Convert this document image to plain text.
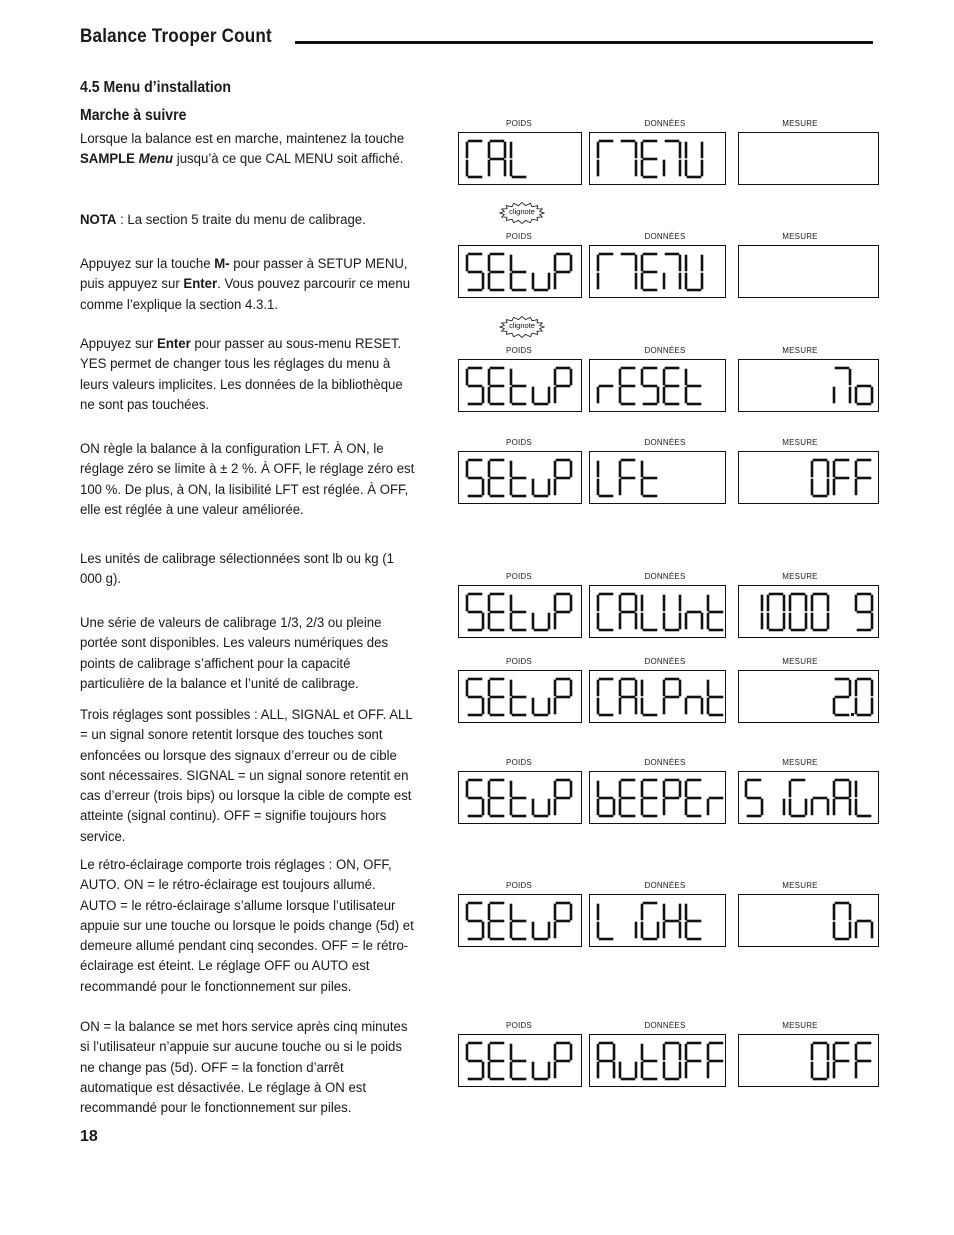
Balance Trooper Count
4.5 Menu d’installation
Marche à suivre
Lorsque la balance est en marche, maintenez la touche SAMPLE Menu jusqu’à ce que CAL MENU soit affiché.
NOTA : La section 5 traite du menu de calibrage.
Appuyez sur la touche M- pour passer à SETUP MENU, puis appuyez sur Enter. Vous pouvez parcourir ce menu comme l’explique la section 4.3.1.
Appuyez sur Enter pour passer au sous-menu RESET. YES permet de changer tous les réglages du menu à leurs valeurs implicites. Les données de la bibliothèque ne sont pas touchées.
ON règle la balance à la configuration LFT. À ON, le réglage zéro se limite à ± 2 %. À OFF, le réglage zéro est 100 %. De plus, à ON, la lisibilité LFT est réglée. À OFF, elle est réglée à une valeur améliorée.
Les unités de calibrage sélectionnées sont lb ou kg (1 000 g).
Une série de valeurs de calibrage 1/3, 2/3 ou pleine portée sont disponibles. Les valeurs numériques des points de calibrage s’affichent pour la capacité particulière de la balance et l’unité de calibrage.
Trois réglages sont possibles : ALL, SIGNAL et OFF. ALL = un signal sonore retentit lorsque des touches sont enfoncées ou lorsque des signaux d’erreur ou de cible sont nécessaires. SIGNAL = un signal sonore retentit en cas d’erreur (trois bips) ou lorsque la cible de compte est atteinte (signal continu). OFF = signifie toujours hors service.
Le rétro-éclairage comporte trois réglages : ON, OFF, AUTO. ON = le rétro-éclairage est toujours allumé. AUTO = le rétro-éclairage s’allume lorsque l’utilisateur appuie sur une touche ou lorsque le poids change (5d) et demeure allumé pendant cinq secondes. OFF = le rétro-éclairage est éteint. Le réglage OFF ou AUTO est recommandé pour le fonctionnement sur piles.
ON = la balance se met hors service après cinq minutes si l’utilisateur n’appuie sur aucune touche ou si le poids ne change pas (5d). OFF = la fonction d’arrêt automatique est désactivée. Le réglage à ON est recommandé pour le fonctionnement sur piles.
18
POIDS	DONNÉES	MESURE
POIDS	DONNÉES	MESURE
POIDS	DONNÉES	MESURE
POIDS	DONNÉES	MESURE
POIDS	DONNÉES	MESURE
POIDS	DONNÉES	MESURE
POIDS	DONNÉES	MESURE
POIDS	DONNÉES	MESURE
POIDS	DONNÉES	MESURE
clignote
clignote
